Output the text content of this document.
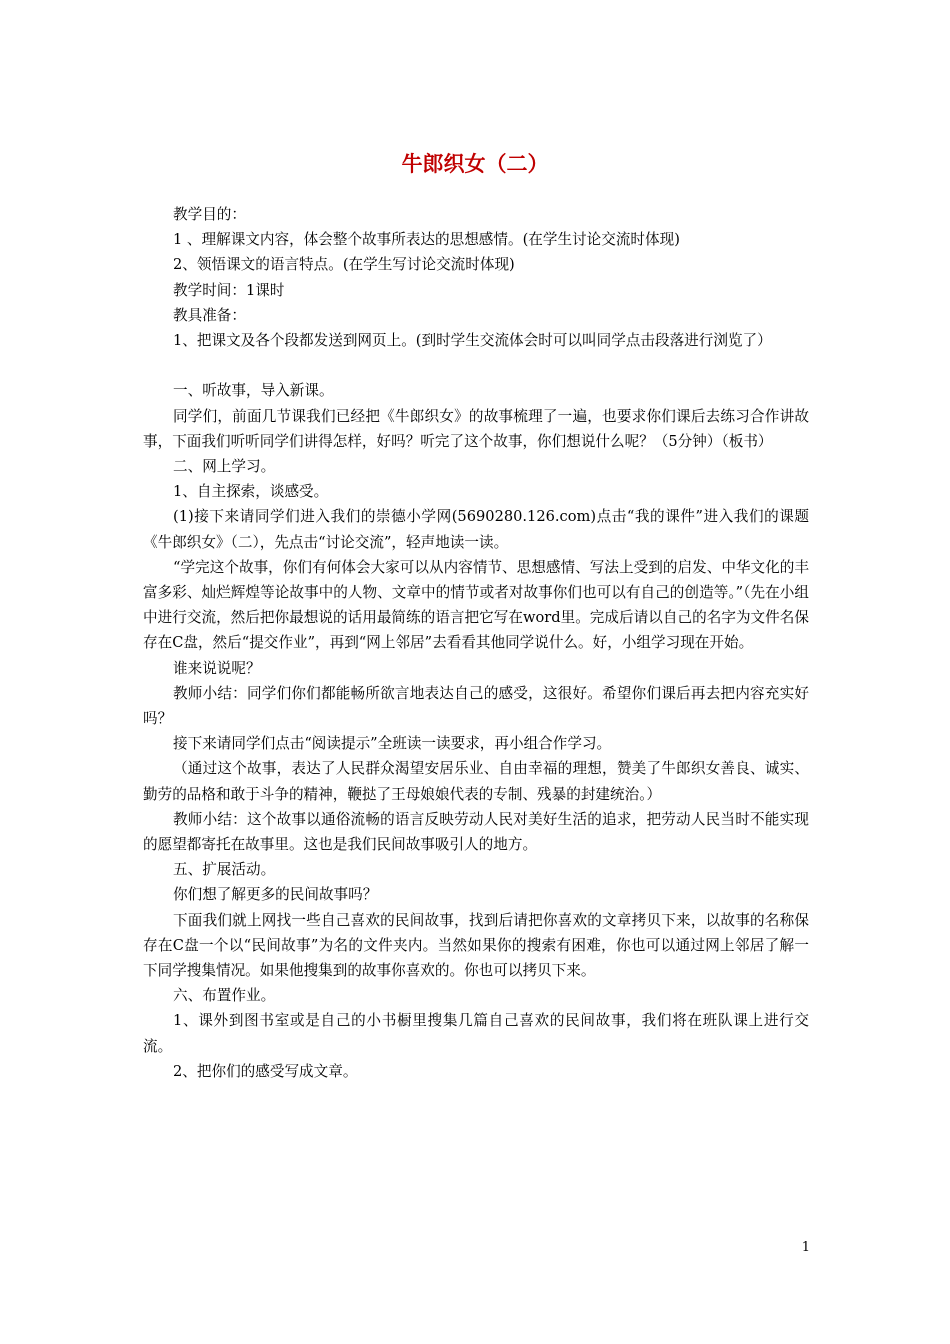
牛郎织女（二）

教学目的：

1 、理解课文内容，体会整个故事所表达的思想感情。(在学生讨论交流时体现)

2、领悟课文的语言特点。(在学生写讨论交流时体现)

教学时间：1课时

教具准备：

1、把课文及各个段都发送到网页上。(到时学生交流体会时可以叫同学点击段落进行浏览了）

一、听故事，导入新课。

同学们，前面几节课我们已经把《牛郎织女》的故事梳理了一遍，也要求你们课后去练习合作讲故事，下面我们听听同学们讲得怎样，好吗？听完了这个故事，你们想说什么呢？（5分钟）（板书）

二、网上学习。

1、自主探索，谈感受。

(1)接下来请同学们进入我们的崇德小学网(5690280.126.com)点击“我的课件”进入我们的课题《牛郎织女》（二），先点击“讨论交流”，轻声地读一读。

“学完这个故事，你们有何体会大家可以从内容情节、思想感情、写法上受到的启发、中华文化的丰富多彩、灿烂辉煌等论故事中的人物、文章中的情节或者对故事你们也可以有自己的创造等。”（先在小组中进行交流，然后把你最想说的话用最简练的语言把它写在word里。完成后请以自己的名字为文件名保存在C盘，然后“提交作业”，再到“网上邻居”去看看其他同学说什么。好，小组学习现在开始。

谁来说说呢？

教师小结：同学们你们都能畅所欲言地表达自己的感受，这很好。希望你们课后再去把内容充实好吗？

接下来请同学们点击“阅读提示”全班读一读要求，再小组合作学习。

（通过这个故事，表达了人民群众渴望安居乐业、自由幸福的理想，赞美了牛郎织女善良、诚实、勤劳的品格和敢于斗争的精神，鞭挞了王母娘娘代表的专制、残暴的封建统治。）

教师小结：这个故事以通俗流畅的语言反映劳动人民对美好生活的追求，把劳动人民当时不能实现的愿望都寄托在故事里。这也是我们民间故事吸引人的地方。

五、扩展活动。

你们想了解更多的民间故事吗？

下面我们就上网找一些自己喜欢的民间故事，找到后请把你喜欢的文章拷贝下来，以故事的名称保存在C盘一个以“民间故事”为名的文件夹内。当然如果你的搜索有困难，你也可以通过网上邻居了解一下同学搜集情况。如果他搜集到的故事你喜欢的。你也可以拷贝下来。

六、布置作业。

1、课外到图书室或是自己的小书橱里搜集几篇自己喜欢的民间故事，我们将在班队课上进行交流。

2、把你们的感受写成文章。

1
